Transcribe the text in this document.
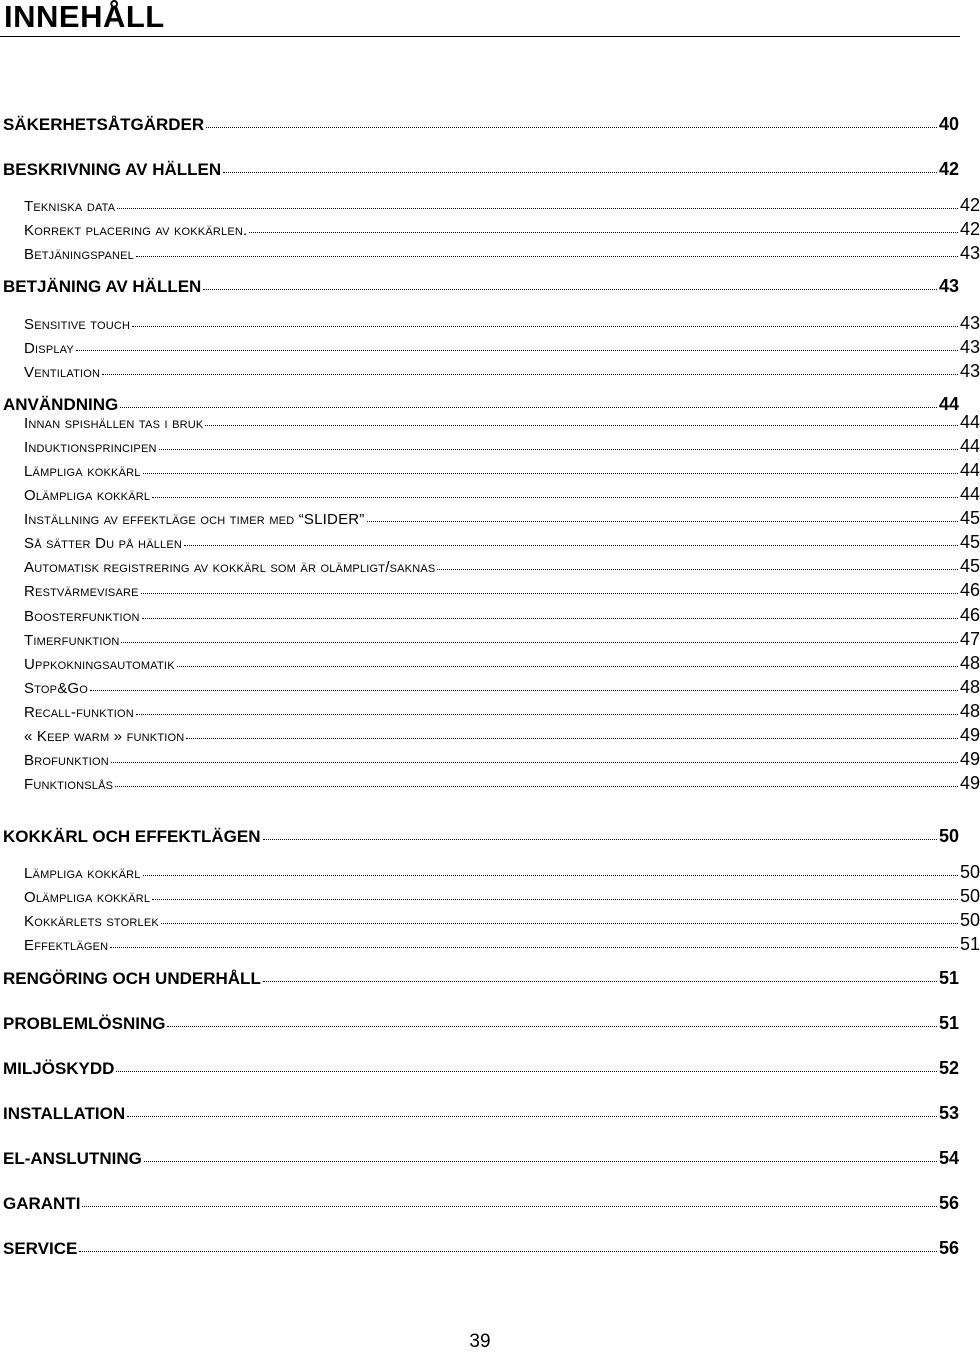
INNEHÅLL
SÄKERHETSÅTGÄRDER	40
BESKRIVNING AV HÄLLEN	42
Tekniska data	42
Korrekt placering av kokkärlen.	42
Betjäningspanel	43
BETJÄNING AV HÄLLEN	43
Sensitive touch	43
Display	43
Ventilation	43
ANVÄNDNING	44
Innan spishällen tas i bruk	44
Induktionsprincipen	44
Lämpliga kokkärl	44
Olämpliga kokkärl	44
Inställning av effektläge och timer med “SLIDER”	45
Så sätter Du på hällen	45
Automatisk registrering av kokkärl som är olämpligt/saknas	45
Restvärmevisare	46
Boosterfunktion	46
Timerfunktion	47
Uppkokningsautomatik	48
Stop&Go	48
Recall-funktion	48
« Keep warm » funktion	49
Brofunktion	49
Funktionslås	49
KOKKÄRL OCH EFFEKTLÄGEN	50
Lämpliga kokkärl	50
Olämpliga kokkärl	50
Kokkärlets storlek	50
Effektlägen	51
RENGÖRING OCH UNDERHÅLL	51
PROBLEMLÖSNING	51
MILJÖSKYDD	52
INSTALLATION	53
EL-ANSLUTNING	54
GARANTI	56
SERVICE	56
39
